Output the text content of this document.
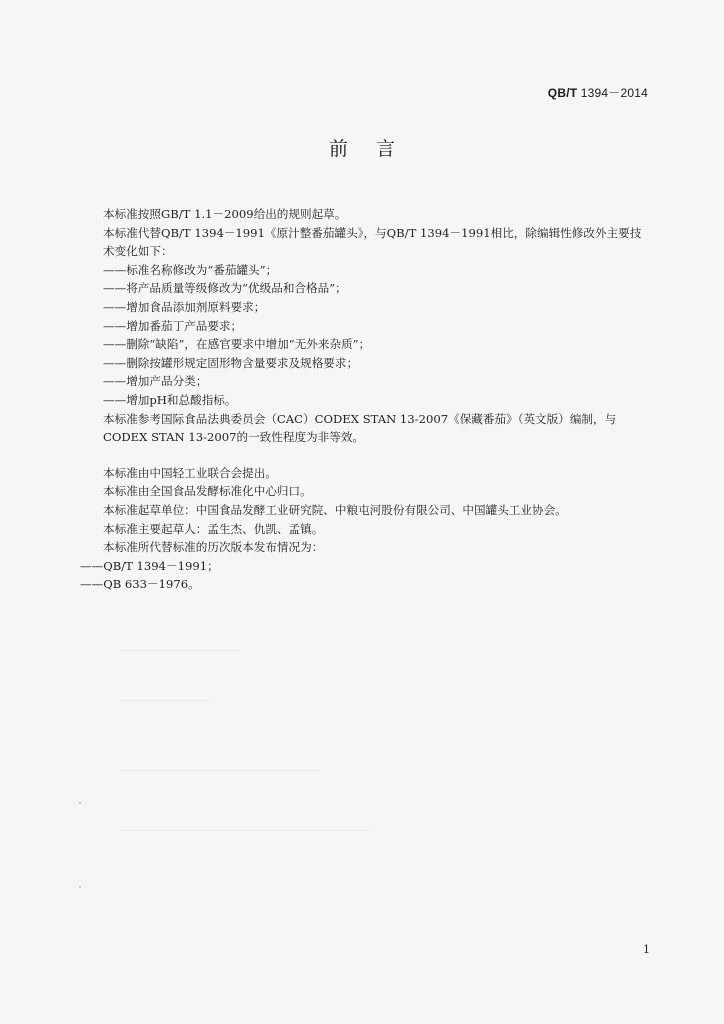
QB/T 1394－2014
前言

本标准按照GB/T 1.1－2009给出的规则起草。

本标准代替QB/T 1394－1991《原汁整番茄罐头》，与QB/T 1394－1991相比，除编辑性修改外主要技术变化如下：

——标准名称修改为“番茄罐头”；

——将产品质量等级修改为“优级品和合格品”；

——增加食品添加剂原料要求；

——增加番茄丁产品要求；

——删除“缺陷”，在感官要求中增加“无外来杂质”；

——删除按罐形规定固形物含量要求及规格要求；

——增加产品分类；

——增加pH和总酸指标。

本标准参考国际食品法典委员会（CAC）CODEX STAN 13-2007《保藏番茄》（英文版）编制，与CODEX STAN 13-2007的一致性程度为非等效。

本标准由中国轻工业联合会提出。

本标准由全国食品发酵标准化中心归口。

本标准起草单位：中国食品发酵工业研究院、中粮屯河股份有限公司、中国罐头工业协会。

本标准主要起草人：孟生杰、仇凯、孟镇。

本标准所代替标准的历次版本发布情况为：

——QB/T 1394－1991；

——QB 633－1976。

1
